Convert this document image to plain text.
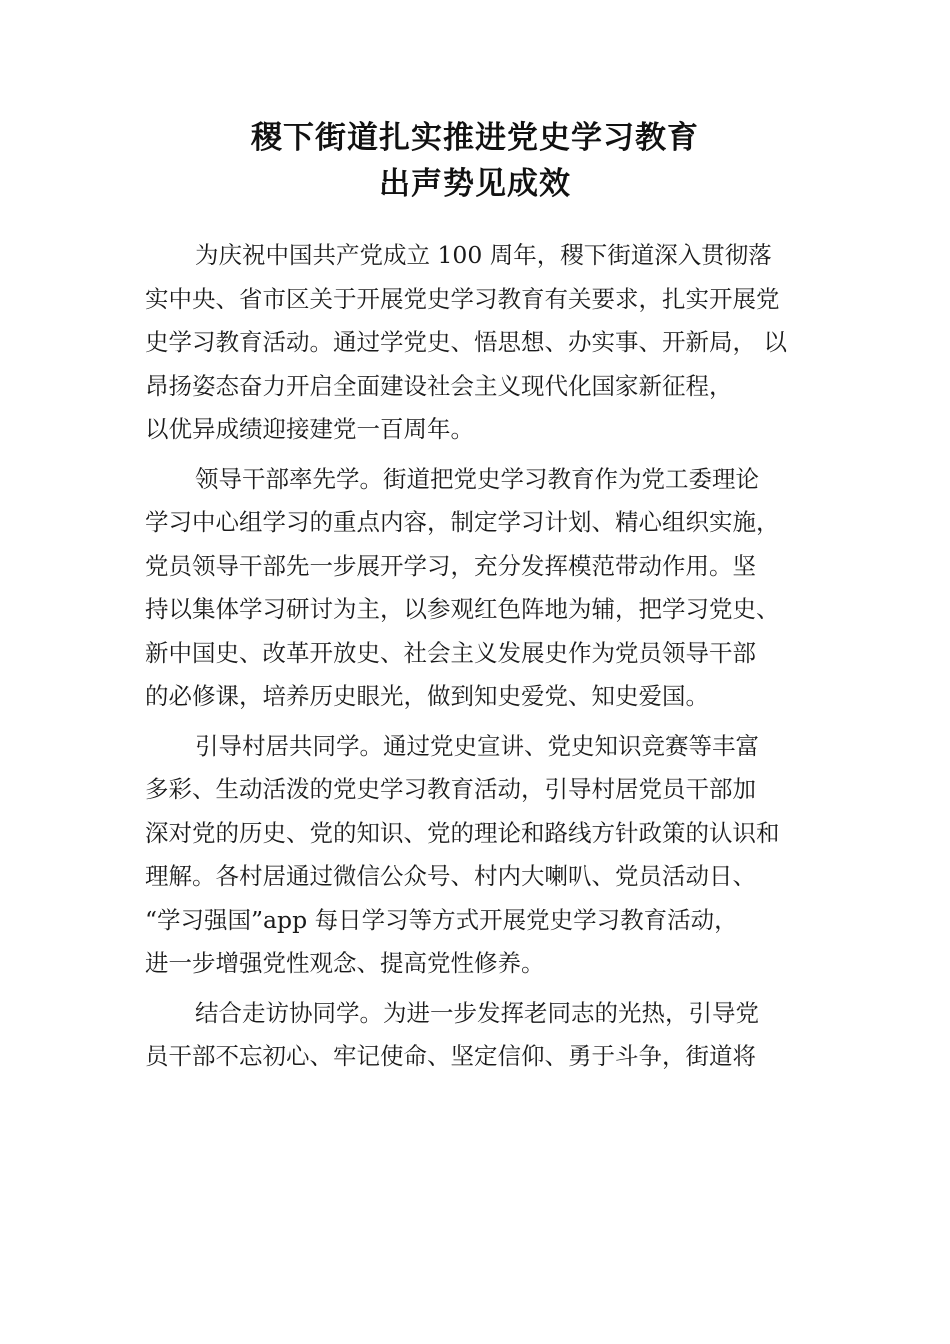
稷下街道扎实推进党史学习教育
出声势见成效

为庆祝中国共产党成立 100 周年，稷下街道深入贯彻落
实中央、省市区关于开展党史学习教育有关要求，扎实开展党
史学习教育活动。通过学党史、悟思想、办实事、开新局， 以
昂扬姿态奋力开启全面建设社会主义现代化国家新征程，
以优异成绩迎接建党一百周年。

领导干部率先学。街道把党史学习教育作为党工委理论
学习中心组学习的重点内容，制定学习计划、精心组织实施，
党员领导干部先一步展开学习，充分发挥模范带动作用。坚
持以集体学习研讨为主，以参观红色阵地为辅，把学习党史、
新中国史、改革开放史、社会主义发展史作为党员领导干部
的必修课，培养历史眼光，做到知史爱党、知史爱国。

引导村居共同学。通过党史宣讲、党史知识竞赛等丰富
多彩、生动活泼的党史学习教育活动，引导村居党员干部加
深对党的历史、党的知识、党的理论和路线方针政策的认识和
理解。各村居通过微信公众号、村内大喇叭、党员活动日、
“学习强国”app 每日学习等方式开展党史学习教育活动，
进一步增强党性观念、提高党性修养。

结合走访协同学。为进一步发挥老同志的光热，引导党
员干部不忘初心、牢记使命、坚定信仰、勇于斗争，街道将
